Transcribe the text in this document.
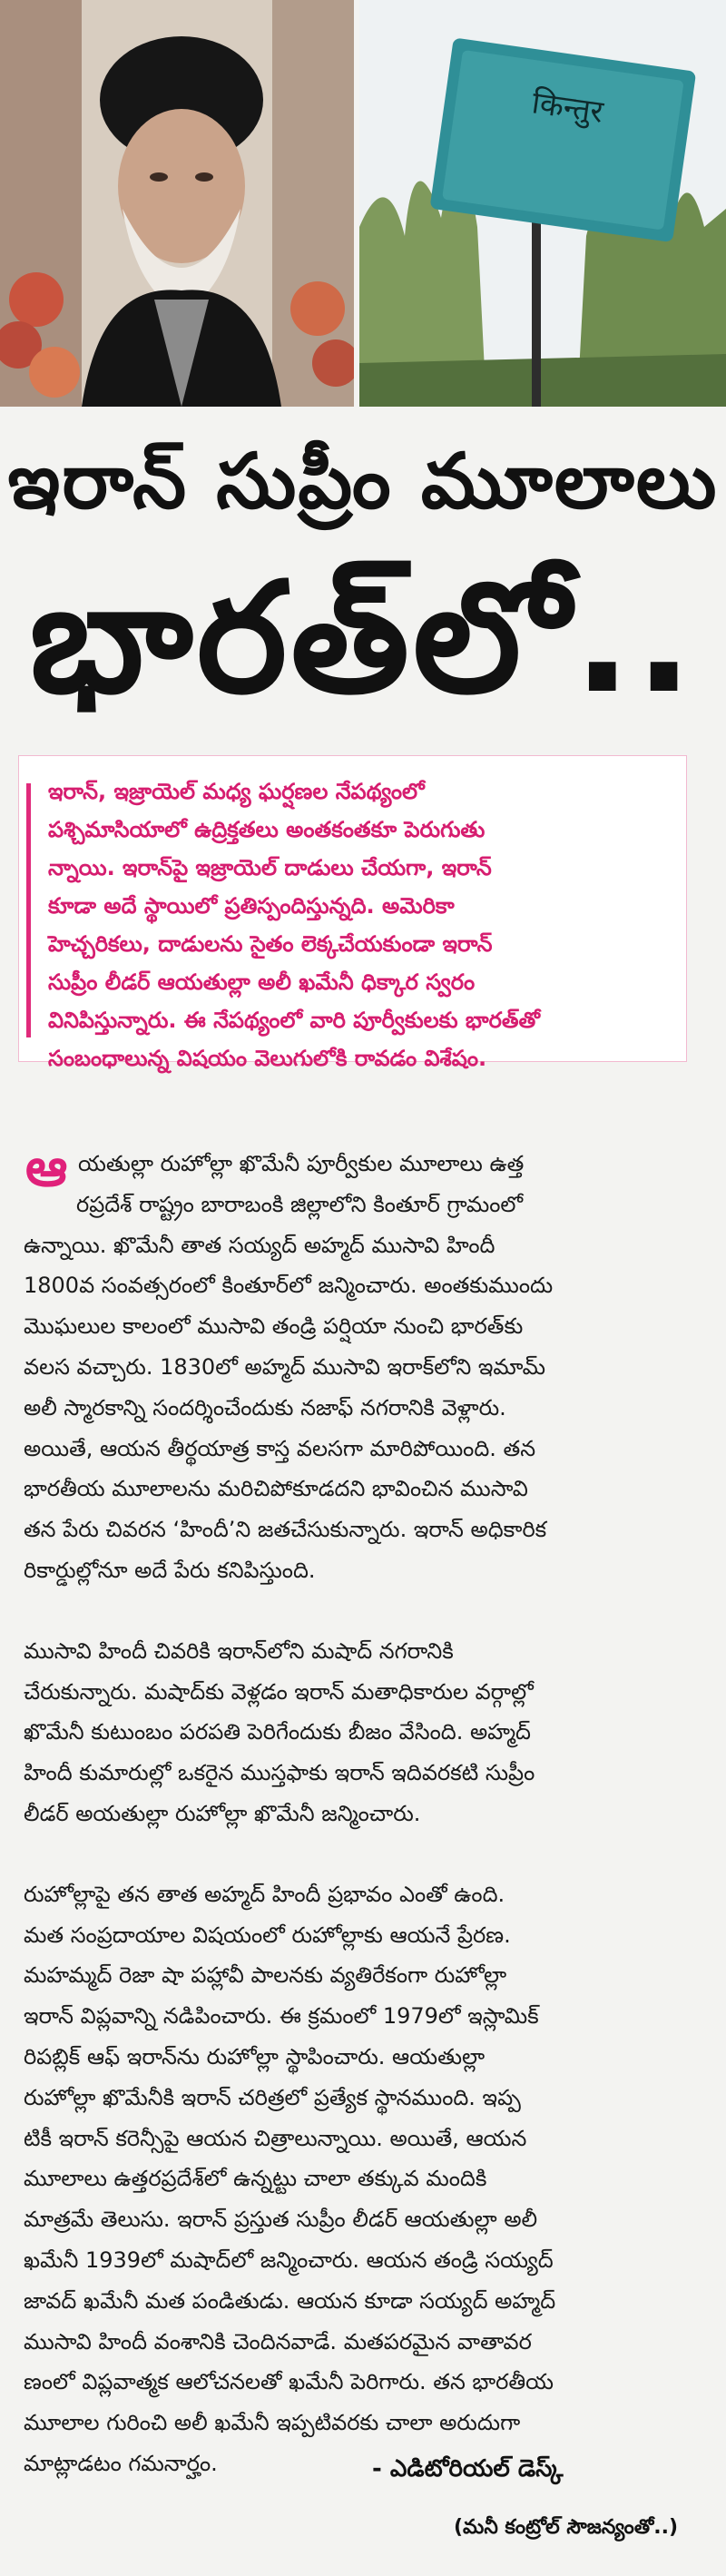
किन्तुर
ఇరాన్ సుప్రీం మూలాలు
భారత్‌లో..
ఇరాన్, ఇజ్రాయెల్ మధ్య ఘర్షణల నేపథ్యంలో
పశ్చిమాసియాలో ఉద్రిక్తతలు అంతకంతకూ పెరుగుతు
న్నాయి. ఇరాన్‌పై ఇజ్రాయెల్ దాడులు చేయగా, ఇరాన్
కూడా అదే స్థాయిలో ప్రతిస్పందిస్తున్నది. అమెరికా
హెచ్చరికలు, దాడులను సైతం లెక్కచేయకుండా ఇరాన్
సుప్రీం లీడర్ ఆయతుల్లా అలీ ఖమేనీ ధిక్కార స్వరం
వినిపిస్తున్నారు. ఈ నేపథ్యంలో వారి పూర్వీకులకు భారత్‌తో
సంబంధాలున్న విషయం వెలుగులోకి రావడం విశేషం.

ఆ యతుల్లా రుహోల్లా ఖొమేనీ పూర్వీకుల మూలాలు ఉత్త
రప్రదేశ్ రాష్ట్రం బారాబంకి జిల్లాలోని కింతూర్ గ్రామంలో
ఉన్నాయి. ఖొమేనీ తాత సయ్యద్ అహ్మద్ ముసావి హిందీ
1800వ సంవత్సరంలో కింతూర్‌లో జన్మించారు. అంతకుముందు
మొఘలుల కాలంలో ముసావి తండ్రి పర్షియా నుంచి భారత్‌కు
వలస వచ్చారు. 1830లో అహ్మద్ ముసావి ఇరాక్‌లోని ఇమామ్
అలీ స్మారకాన్ని సందర్శించేందుకు నజాఫ్ నగరానికి వెళ్లారు.
అయితే, ఆయన తీర్థయాత్ర కాస్త వలసగా మారిపోయింది. తన
భారతీయ మూలాలను మరిచిపోకూడదని భావించిన ముసావి
తన పేరు చివరన ‘హిందీ’ని జతచేసుకున్నారు. ఇరాన్ అధికారిక
రికార్డుల్లోనూ అదే పేరు కనిపిస్తుంది.

ముసావి హిందీ చివరికి ఇరాన్‌లోని మషాద్ నగరానికి
చేరుకున్నారు. మషాద్‌కు వెళ్లడం ఇరాన్ మతాధికారుల వర్గాల్లో
ఖొమేనీ కుటుంబం పరపతి పెరిగేందుకు బీజం వేసింది. అహ్మద్
హిందీ కుమారుల్లో ఒకరైన ముస్తఫాకు ఇరాన్ ఇదివరకటి సుప్రీం
లీడర్ అయతుల్లా రుహోల్లా ఖొమేనీ జన్మించారు.

రుహోల్లాపై తన తాత అహ్మద్ హిందీ ప్రభావం ఎంతో ఉంది.
మత సంప్రదాయాల విషయంలో రుహోల్లాకు ఆయనే ప్రేరణ.
మహమ్మద్ రెజా షా పహ్లావీ పాలనకు వ్యతిరేకంగా రుహోల్లా
ఇరాన్ విప్లవాన్ని నడిపించారు. ఈ క్రమంలో 1979లో ఇస్లామిక్
రిపబ్లిక్ ఆఫ్ ఇరాన్‌ను రుహోల్లా స్థాపించారు. ఆయతుల్లా
రుహోల్లా ఖొమేనీకి ఇరాన్ చరిత్రలో ప్రత్యేక స్థానముంది. ఇప్ప
టికీ ఇరాన్ కరెన్సీపై ఆయన చిత్రాలున్నాయి. అయితే, ఆయన
మూలాలు ఉత్తరప్రదేశ్‌లో ఉన్నట్టు చాలా తక్కువ మందికి
మాత్రమే తెలుసు. ఇరాన్ ప్రస్తుత సుప్రీం లీడర్ ఆయతుల్లా అలీ
ఖమేనీ 1939లో మషాద్‌లో జన్మించారు. ఆయన తండ్రి సయ్యద్
జావద్ ఖమేనీ మత పండితుడు. ఆయన కూడా సయ్యద్ అహ్మద్
ముసావి హిందీ వంశానికి చెందినవాడే. మతపరమైన వాతావర
ణంలో విప్లవాత్మక ఆలోచనలతో ఖమేనీ పెరిగారు. తన భారతీయ
మూలాల గురించి అలీ ఖమేనీ ఇప్పటివరకు చాలా అరుదుగా
మాట్లాడటం గమనార్హం.	- ఎడిటోరియల్ డెస్క్
(మనీ కంట్రోల్ సౌజన్యంతో..)
